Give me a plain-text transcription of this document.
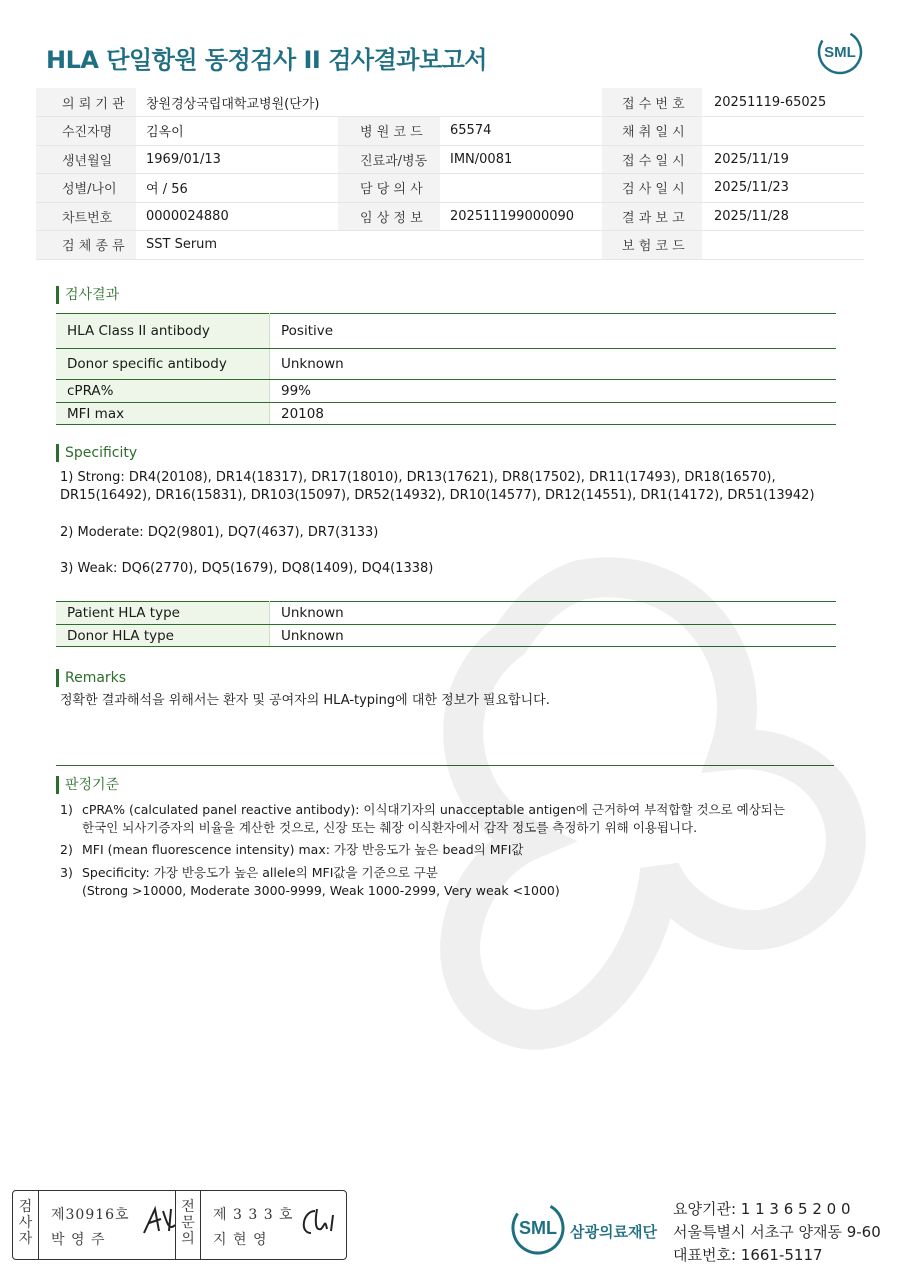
HLA 단일항원 동정검사 II 검사결과보고서	SML
의 뢰 기 관	창원경상국립대학교병원(단가)			접 수 번 호	20251119-65025
수진자명	김옥이	병 원 코 드	65574	채 취 일 시	
생년월일	1969/01/13	진료과/병동	IMN/0081	접 수 일 시	2025/11/19
성별/나이	여 / 56	담 당 의 사		검 사 일 시	2025/11/23
차트번호	0000024880	임 상 정 보	202511199000090	결 과 보 고	2025/11/28
검 체 종 류	SST Serum			보 험 코 드	
검사결과
HLA Class II antibody	Positive
Donor specific antibody	Unknown
cPRA%	99%
MFI max	20108
Specificity
1) Strong: DR4(20108), DR14(18317), DR17(18010), DR13(17621), DR8(17502), DR11(17493), DR18(16570), DR15(16492), DR16(15831), DR103(15097), DR52(14932), DR10(14577), DR12(14551), DR1(14172), DR51(13942)
2) Moderate: DQ2(9801), DQ7(4637), DR7(3133)
3) Weak: DQ6(2770), DQ5(1679), DQ8(1409), DQ4(1338)
Patient HLA type	Unknown
Donor HLA type	Unknown
Remarks
정확한 결과해석을 위해서는 환자 및 공여자의 HLA-typing에 대한 정보가 필요합니다.
판정기준
1) cPRA% (calculated panel reactive antibody): 이식대기자의 unacceptable antigen에 근거하여 부적합할 것으로 예상되는
한국인 뇌사기증자의 비율을 계산한 것으로, 신장 또는 췌장 이식환자에서 감작 정도를 측정하기 위해 이용됩니다.
2) MFI (mean fluorescence intensity) max: 가장 반응도가 높은 bead의 MFI값
3) Specificity: 가장 반응도가 높은 allele의 MFI값을 기준으로 구분
(Strong >10000, Moderate 3000-9999, Weak 1000-2999, Very weak <1000)
검 사 자
제30916호
박 영 주
전 문 의
제 3 3 3 호
지 현 영
SML 삼광의료재단
요양기관: 1 1 3 6 5 2 0 0
서울특별시 서초구 양재동 9-60
대표번호: 1661-5117
